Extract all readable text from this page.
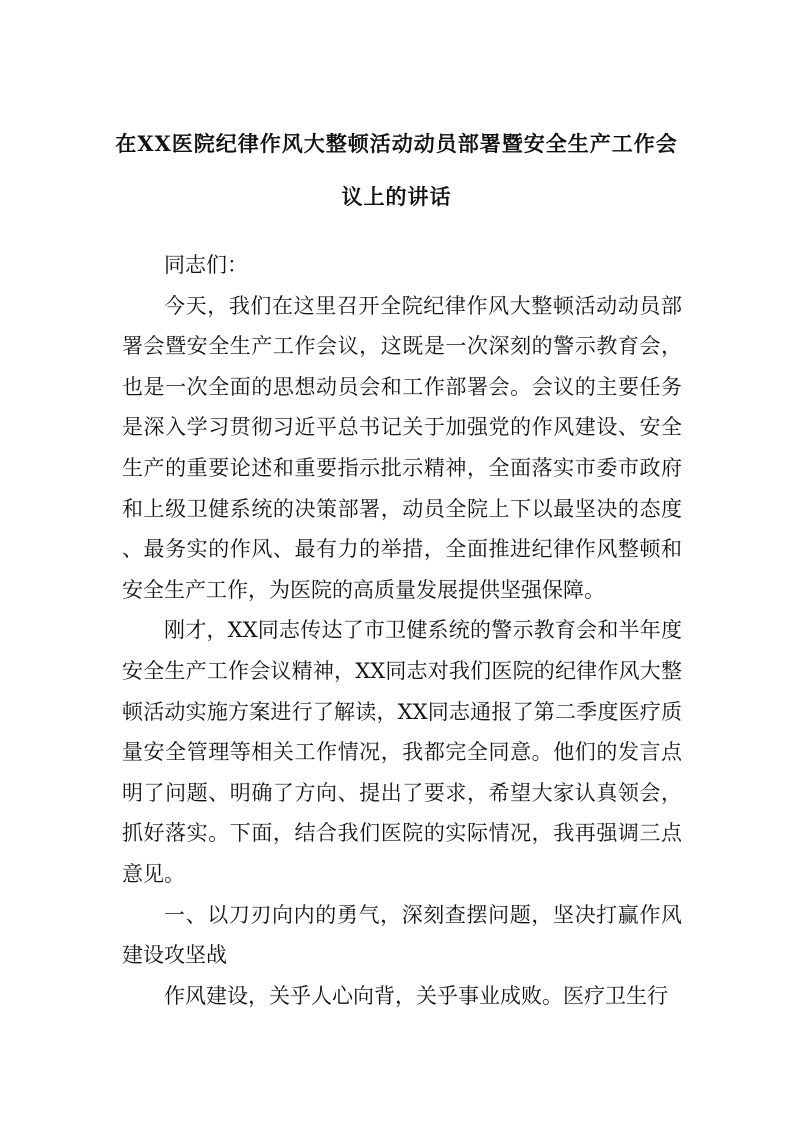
在XX医院纪律作风大整顿活动动员部署暨安全生产工作会
议上的讲话

同志们：

今天，我们在这里召开全院纪律作风大整顿活动动员部署会暨安全生产工作会议，这既是一次深刻的警示教育会，也是一次全面的思想动员会和工作部署会。会议的主要任务是深入学习贯彻习近平总书记关于加强党的作风建设、安全生产的重要论述和重要指示批示精神，全面落实市委市政府和上级卫健系统的决策部署，动员全院上下以最坚决的态度、最务实的作风、最有力的举措，全面推进纪律作风整顿和安全生产工作，为医院的高质量发展提供坚强保障。

刚才，XX同志传达了市卫健系统的警示教育会和半年度安全生产工作会议精神，XX同志对我们医院的纪律作风大整顿活动实施方案进行了解读，XX同志通报了第二季度医疗质量安全管理等相关工作情况，我都完全同意。他们的发言点明了问题、明确了方向、提出了要求，希望大家认真领会，抓好落实。下面，结合我们医院的实际情况，我再强调三点意见。

一、以刀刃向内的勇气，深刻查摆问题，坚决打赢作风建设攻坚战

作风建设，关乎人心向背，关乎事业成败。医疗卫生行
